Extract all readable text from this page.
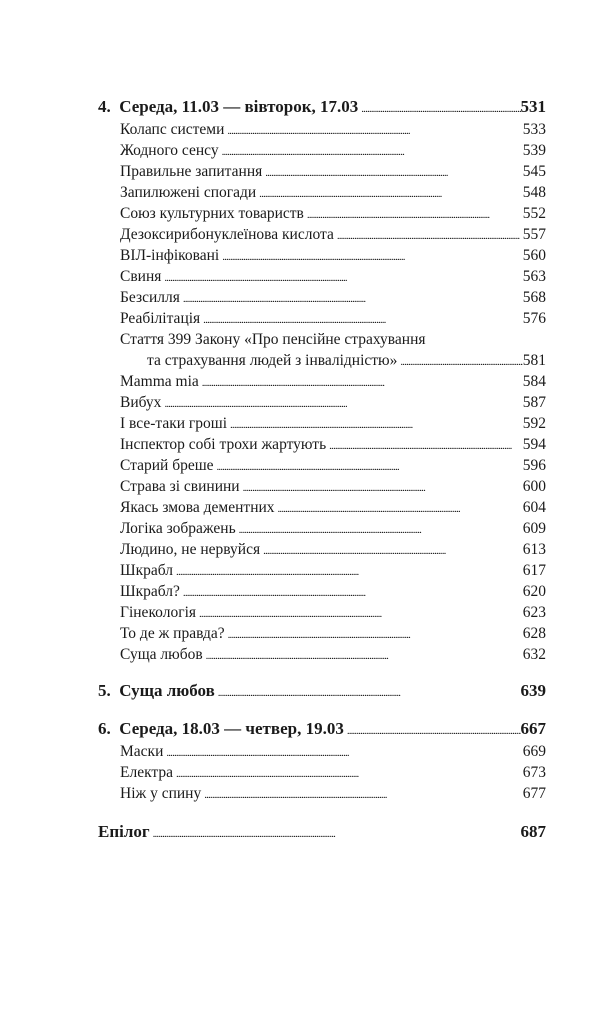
4.
Середа, 11.03 — вівторок, 17.03 . . .	531
Колапс системи . . .	533
Жодного сенсу . . .	539
Правильне запитання . . .	545
Запилюжені спогади . . .	548
Союз культурних товариств . . .	552
Дезоксирибонуклеїнова кислота . . .	557
ВІЛ-інфіковані . . .	560
Свиня . . .	563
Безсилля . . .	568
Реабілітація . . .	576
Стаття 399 Закону «Про пенсійне страхування
та страхування людей з інвалідністю» . . .	581
Mamma mia . . .	584
Вибух . . .	587
І все-таки гроші . . .	592
Інспектор собі трохи жартують . . .	594
Старий бреше . . .	596
Страва зі свинини . . .	600
Якась змова дементних . . .	604
Логіка зображень . . .	609
Людино, не нервуйся . . .	613
Шкрабл . . .	617
Шкрабл? . . .	620
Гінекологія . . .	623
То де ж правда? . . .	628
Суща любов . . .	632
5.
Суща любов . . .	639
6.
Середа, 18.03 — четвер, 19.03 . . .	667
Маски . . .	669
Електра . . .	673
Ніж у спину . . .	677
Епілог . . .	687
